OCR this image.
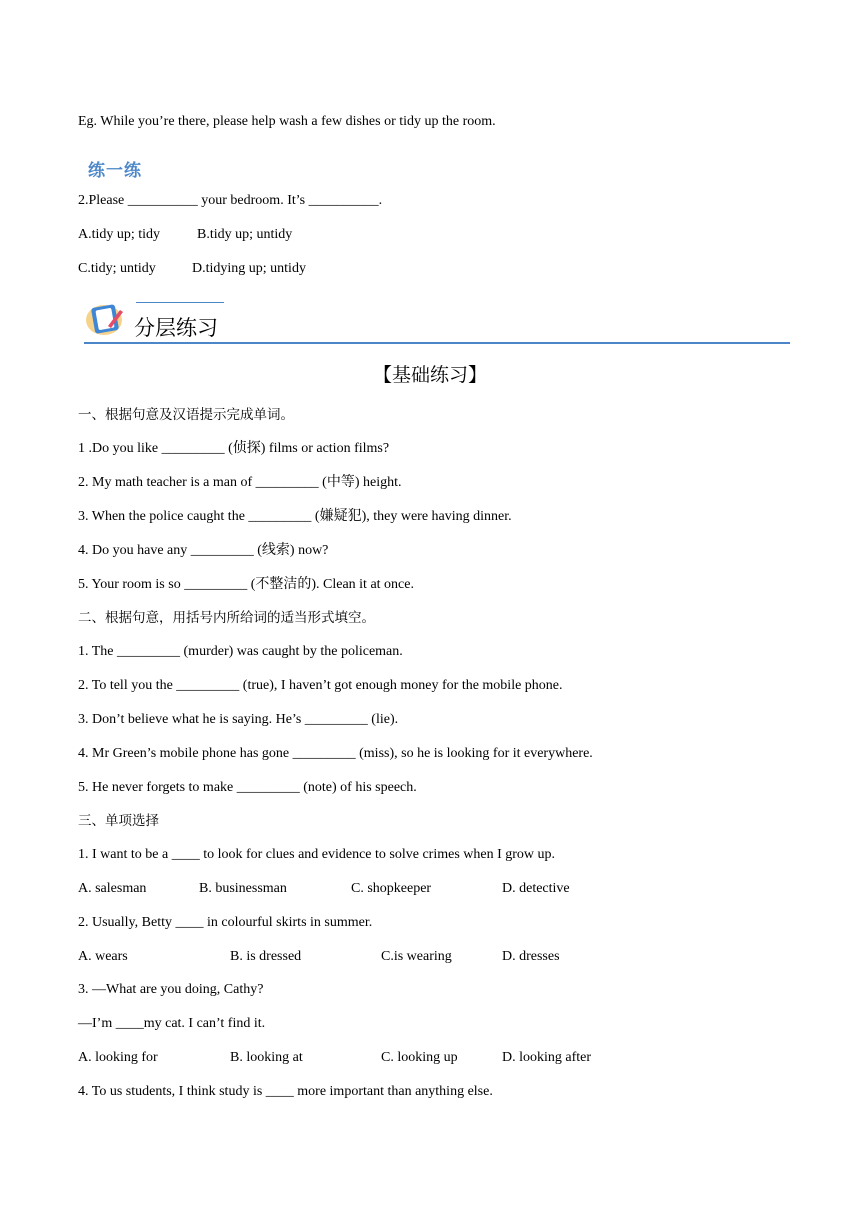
Eg. While you’re there, please help wash a few dishes or tidy up the room.
练一练
2.Please __________ your bedroom. It’s __________.
A.tidy up; tidy	B.tidy up; untidy
C.tidy; untidy	D.tidying up; untidy
分层练习
【基础练习】
一、根据句意及汉语提示完成单词。
1 .Do you like _________ (侦探) films or action films?
2. My math teacher is a man of _________ (中等) height.
3. When the police caught the _________ (嫌疑犯), they were having dinner.
4. Do you have any _________ (线索) now?
5. Your room is so _________ (不整洁的). Clean it at once.
二、根据句意，用括号内所给词的适当形式填空。
1. The _________ (murder) was caught by the policeman.
2. To tell you the _________ (true), I haven’t got enough money for the mobile phone.
3. Don’t believe what he is saying. He’s _________ (lie).
4. Mr Green’s mobile phone has gone _________ (miss), so he is looking for it everywhere.
5. He never forgets to make _________ (note) of his speech.
三、单项选择
1. I want to be a ____ to look for clues and evidence to solve crimes when I grow up.
A. salesman	B. businessman	C. shopkeeper	D. detective
2. Usually, Betty ____ in colourful skirts in summer.
A. wears	B. is dressed	C.is wearing	D. dresses
3. —What are you doing, Cathy?
—I’m ____my cat. I can’t find it.
A. looking for	B. looking at	C. looking up	D. looking after
4. To us students, I think study is ____ more important than anything else.
